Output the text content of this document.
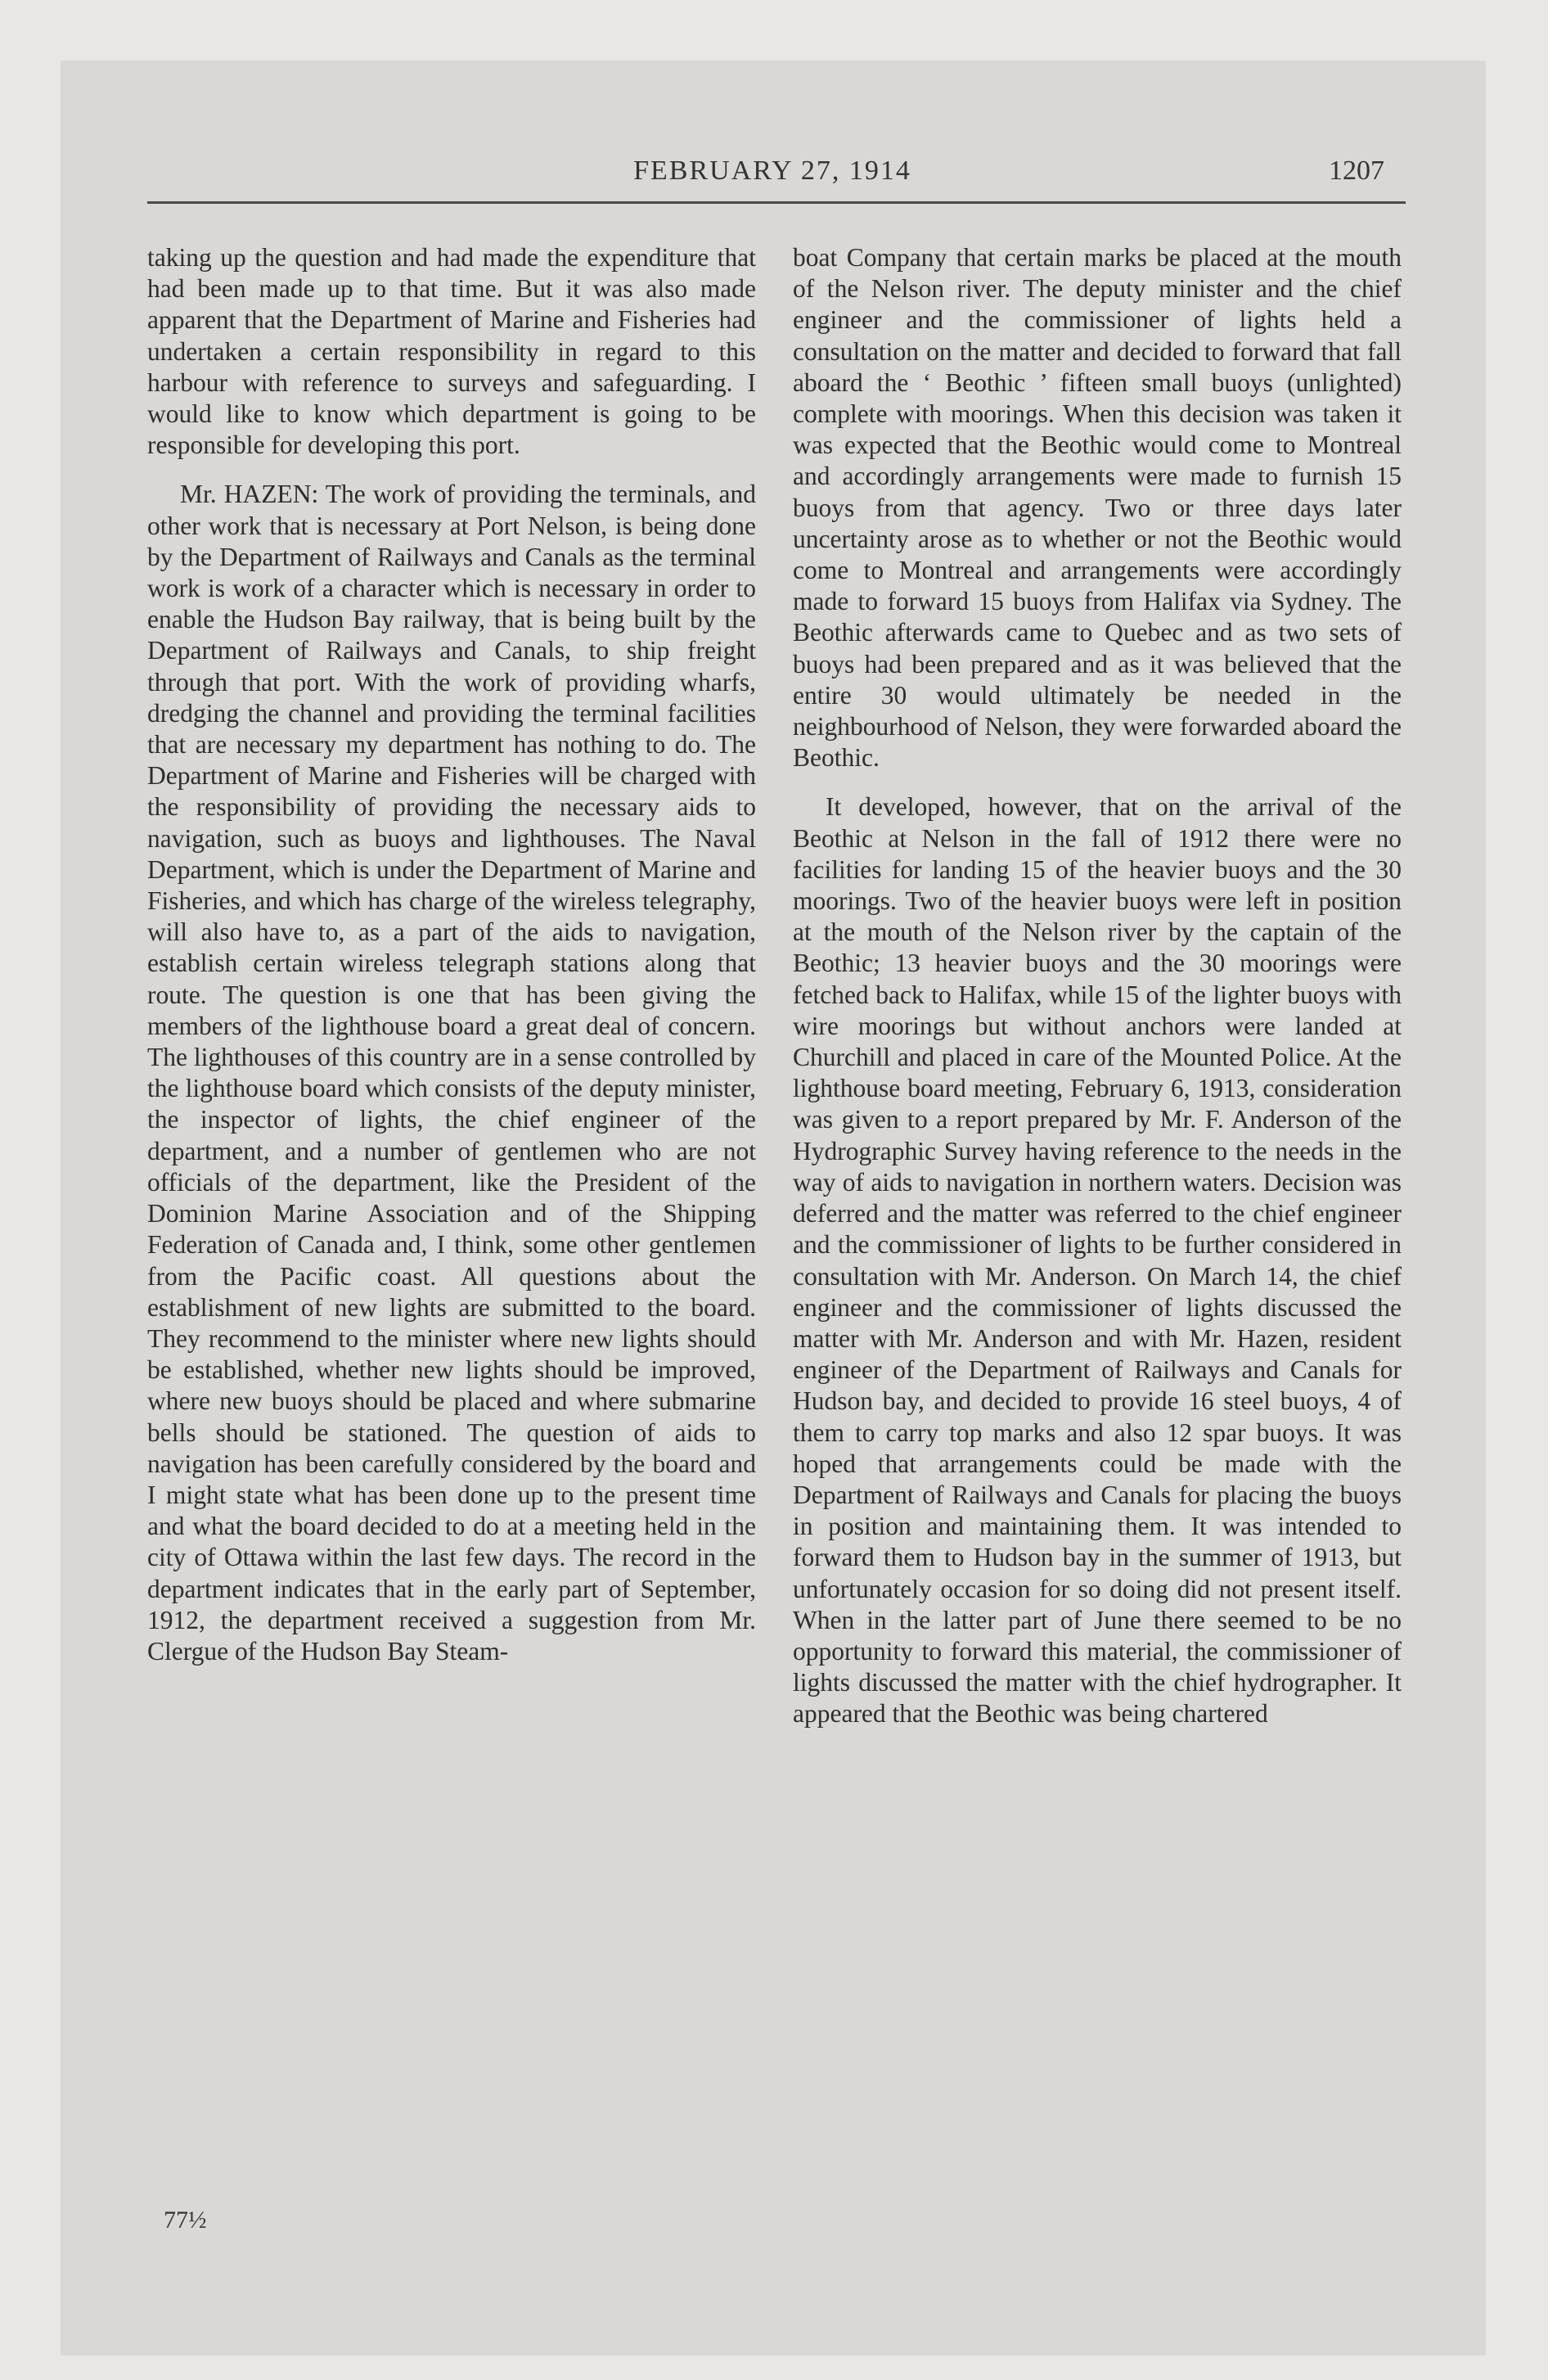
FEBRUARY 27, 1914	1207

taking up the question and had made the expenditure that had been made up to that time. But it was also made apparent that the Department of Marine and Fisheries had undertaken a certain responsibility in regard to this harbour with reference to surveys and safeguarding. I would like to know which department is going to be responsible for developing this port.

Mr. HAZEN: The work of providing the terminals, and other work that is necessary at Port Nelson, is being done by the Department of Railways and Canals as the terminal work is work of a character which is necessary in order to enable the Hudson Bay railway, that is being built by the Department of Railways and Canals, to ship freight through that port. With the work of providing wharfs, dredging the channel and providing the terminal facilities that are necessary my department has nothing to do. The Department of Marine and Fisheries will be charged with the responsibility of providing the necessary aids to navigation, such as buoys and lighthouses. The Naval Department, which is under the Department of Marine and Fisheries, and which has charge of the wireless telegraphy, will also have to, as a part of the aids to navigation, establish certain wireless telegraph stations along that route. The question is one that has been giving the members of the lighthouse board a great deal of concern. The lighthouses of this country are in a sense controlled by the lighthouse board which consists of the deputy minister, the inspector of lights, the chief engineer of the department, and a number of gentlemen who are not officials of the department, like the President of the Dominion Marine Association and of the Shipping Federation of Canada and, I think, some other gentlemen from the Pacific coast. All questions about the establishment of new lights are submitted to the board. They recommend to the minister where new lights should be established, whether new lights should be improved, where new buoys should be placed and where submarine bells should be stationed. The question of aids to navigation has been carefully considered by the board and I might state what has been done up to the present time and what the board decided to do at a meeting held in the city of Ottawa within the last few days. The record in the department indicates that in the early part of September, 1912, the department received a suggestion from Mr. Clergue of the Hudson Bay Steam-

boat Company that certain marks be placed at the mouth of the Nelson river. The deputy minister and the chief engineer and the commissioner of lights held a consultation on the matter and decided to forward that fall aboard the ‘ Beothic ’ fifteen small buoys (unlighted) complete with moorings. When this decision was taken it was expected that the Beothic would come to Montreal and accordingly arrangements were made to furnish 15 buoys from that agency. Two or three days later uncertainty arose as to whether or not the Beothic would come to Montreal and arrangements were accordingly made to forward 15 buoys from Halifax via Sydney. The Beothic afterwards came to Quebec and as two sets of buoys had been prepared and as it was believed that the entire 30 would ultimately be needed in the neighbourhood of Nelson, they were forwarded aboard the Beothic.

It developed, however, that on the arrival of the Beothic at Nelson in the fall of 1912 there were no facilities for landing 15 of the heavier buoys and the 30 moorings. Two of the heavier buoys were left in position at the mouth of the Nelson river by the captain of the Beothic; 13 heavier buoys and the 30 moorings were fetched back to Halifax, while 15 of the lighter buoys with wire moorings but without anchors were landed at Churchill and placed in care of the Mounted Police. At the lighthouse board meeting, February 6, 1913, consideration was given to a report prepared by Mr. F. Anderson of the Hydrographic Survey having reference to the needs in the way of aids to navigation in northern waters. Decision was deferred and the matter was referred to the chief engineer and the commissioner of lights to be further considered in consultation with Mr. Anderson. On March 14, the chief engineer and the commissioner of lights discussed the matter with Mr. Anderson and with Mr. Hazen, resident engineer of the Department of Railways and Canals for Hudson bay, and decided to provide 16 steel buoys, 4 of them to carry top marks and also 12 spar buoys. It was hoped that arrangements could be made with the Department of Railways and Canals for placing the buoys in position and maintaining them. It was intended to forward them to Hudson bay in the summer of 1913, but unfortunately occasion for so doing did not present itself. When in the latter part of June there seemed to be no opportunity to forward this material, the commissioner of lights discussed the matter with the chief hydrographer. It appeared that the Beothic was being chartered

77½
